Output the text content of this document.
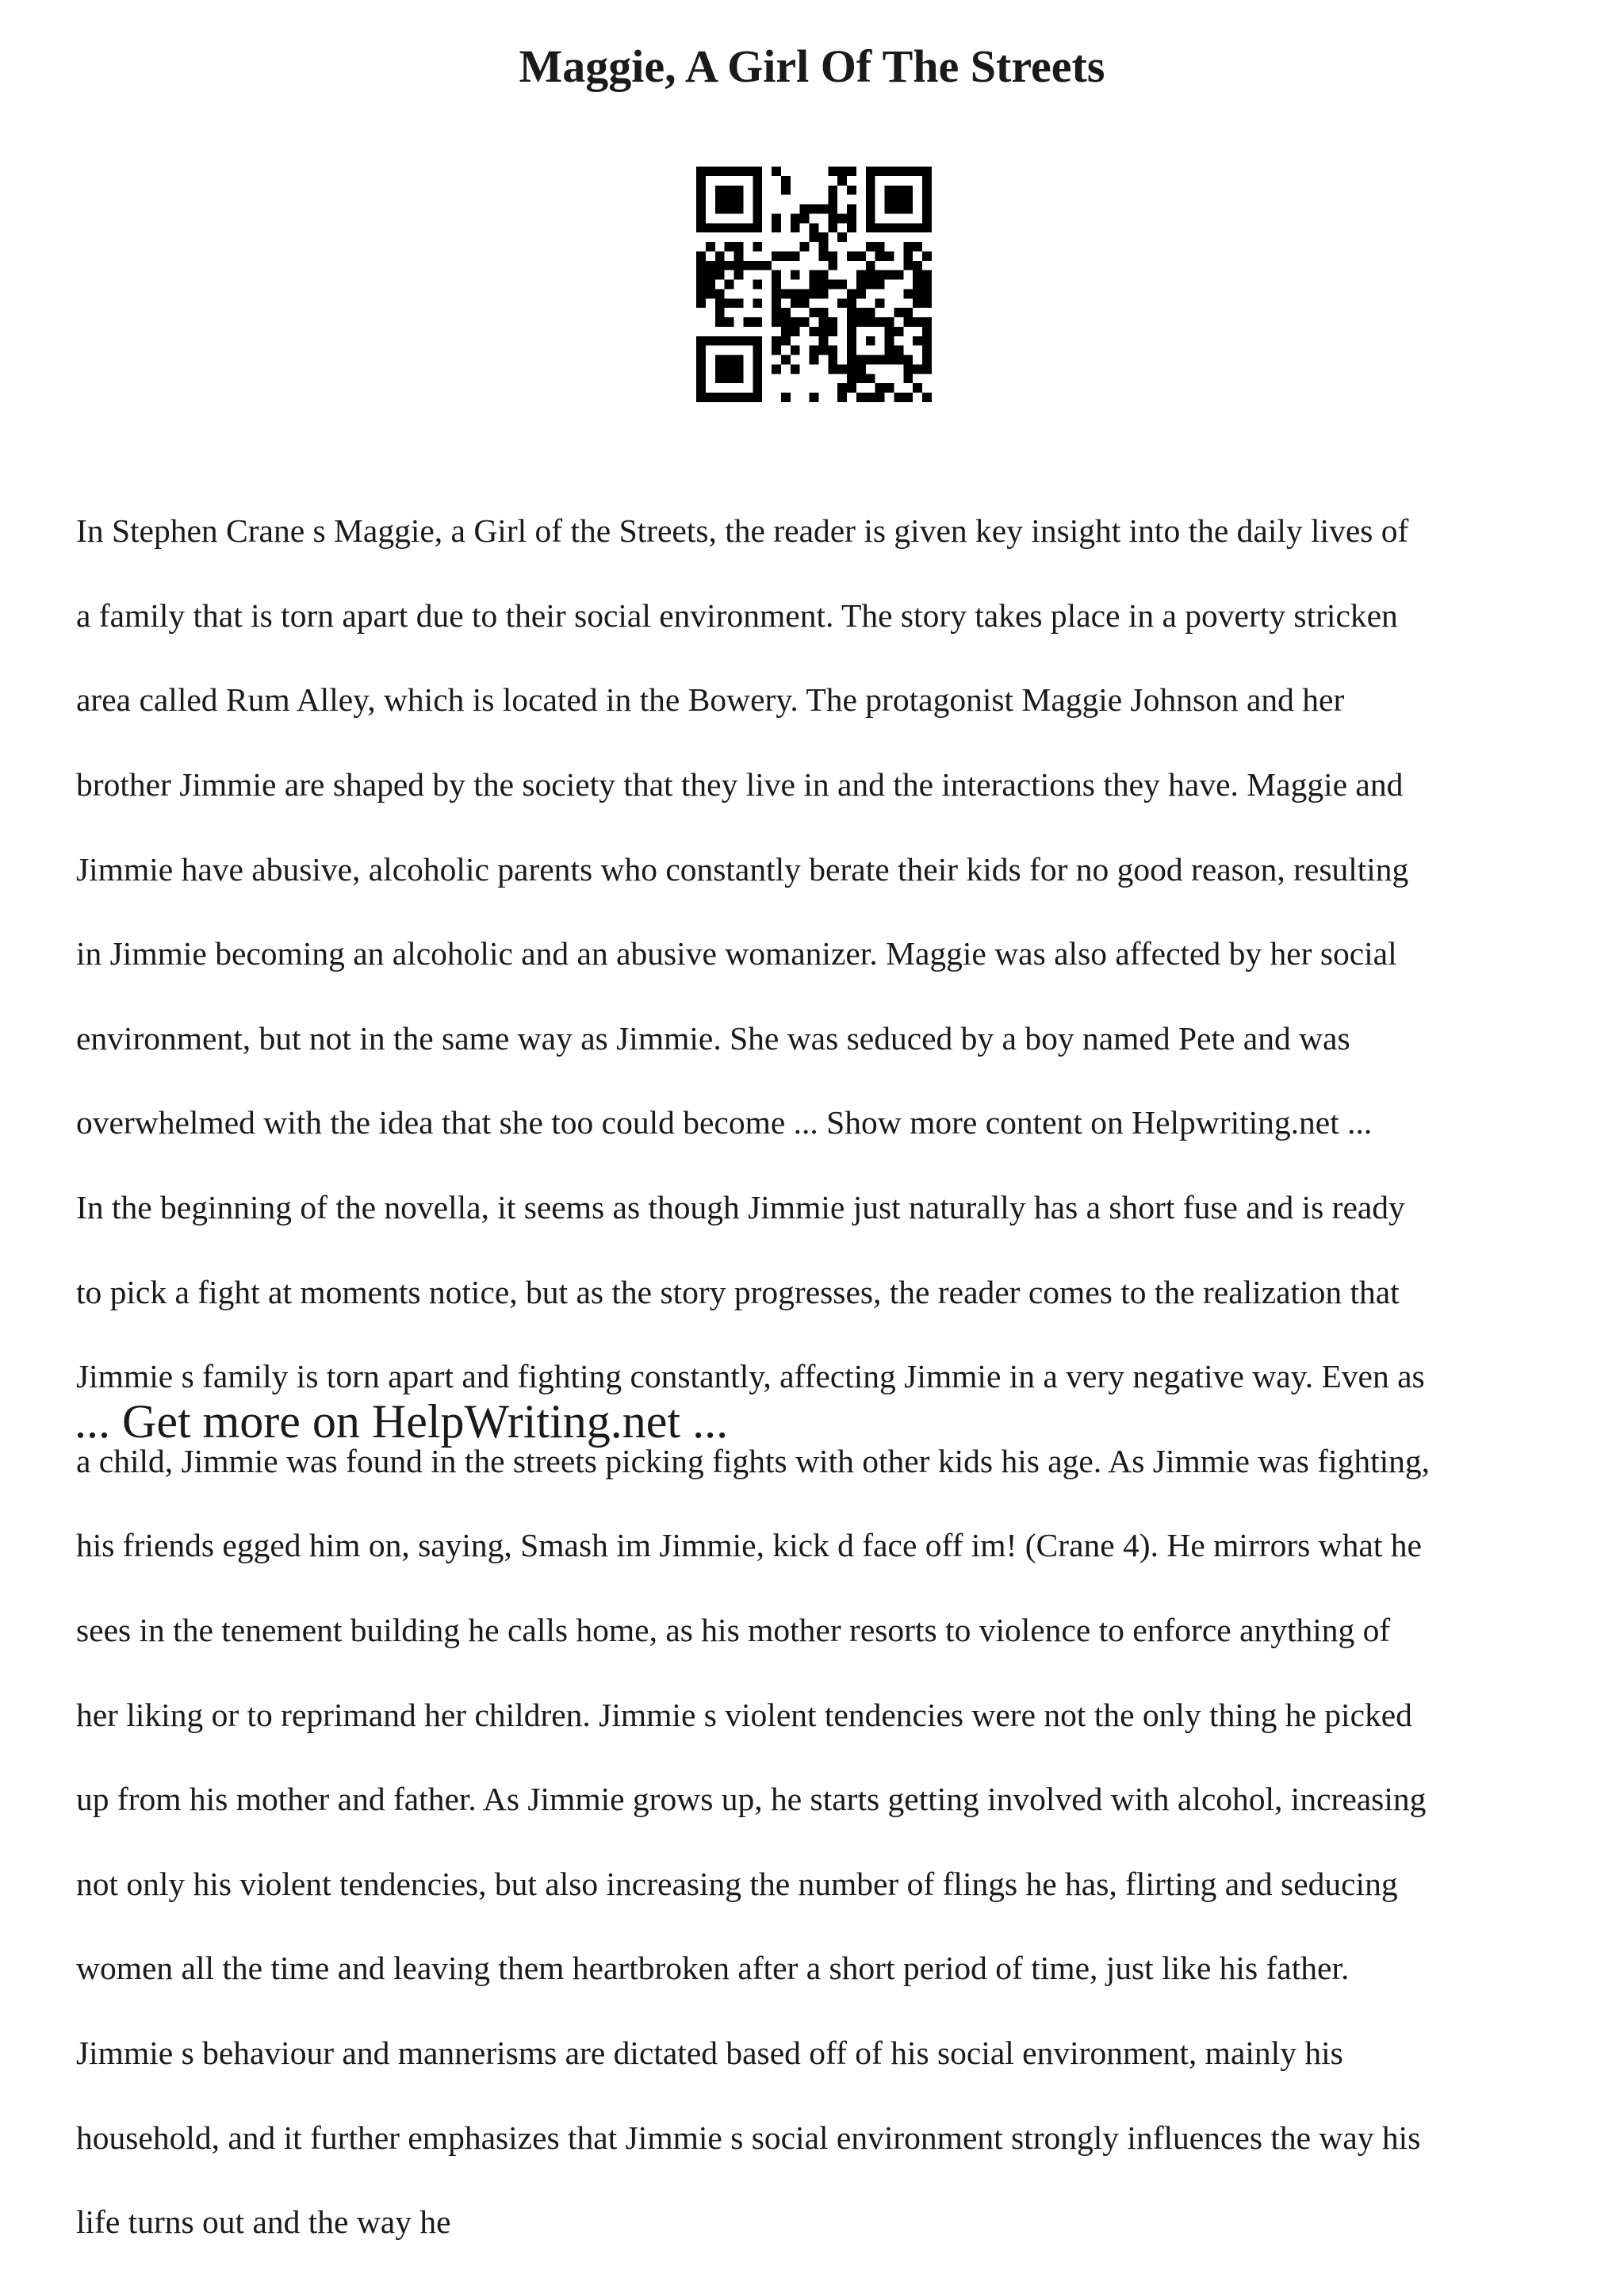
Maggie, A Girl Of The Streets

In Stephen Crane s Maggie, a Girl of the Streets, the reader is given key insight into the daily lives of

a family that is torn apart due to their social environment. The story takes place in a poverty stricken

area called Rum Alley, which is located in the Bowery. The protagonist Maggie Johnson and her

brother Jimmie are shaped by the society that they live in and the interactions they have. Maggie and

Jimmie have abusive, alcoholic parents who constantly berate their kids for no good reason, resulting

in Jimmie becoming an alcoholic and an abusive womanizer. Maggie was also affected by her social

environment, but not in the same way as Jimmie. She was seduced by a boy named Pete and was

overwhelmed with the idea that she too could become ... Show more content on Helpwriting.net ...

In the beginning of the novella, it seems as though Jimmie just naturally has a short fuse and is ready

to pick a fight at moments notice, but as the story progresses, the reader comes to the realization that

Jimmie s family is torn apart and fighting constantly, affecting Jimmie in a very negative way. Even as

a child, Jimmie was found in the streets picking fights with other kids his age. As Jimmie was fighting,

his friends egged him on, saying, Smash im Jimmie, kick d face off im! (Crane 4). He mirrors what he

sees in the tenement building he calls home, as his mother resorts to violence to enforce anything of

her liking or to reprimand her children. Jimmie s violent tendencies were not the only thing he picked

up from his mother and father. As Jimmie grows up, he starts getting involved with alcohol, increasing

not only his violent tendencies, but also increasing the number of flings he has, flirting and seducing

women all the time and leaving them heartbroken after a short period of time, just like his father.

Jimmie s behaviour and mannerisms are dictated based off of his social environment, mainly his

household, and it further emphasizes that Jimmie s social environment strongly influences the way his

life turns out and the way he

... Get more on HelpWriting.net ...
